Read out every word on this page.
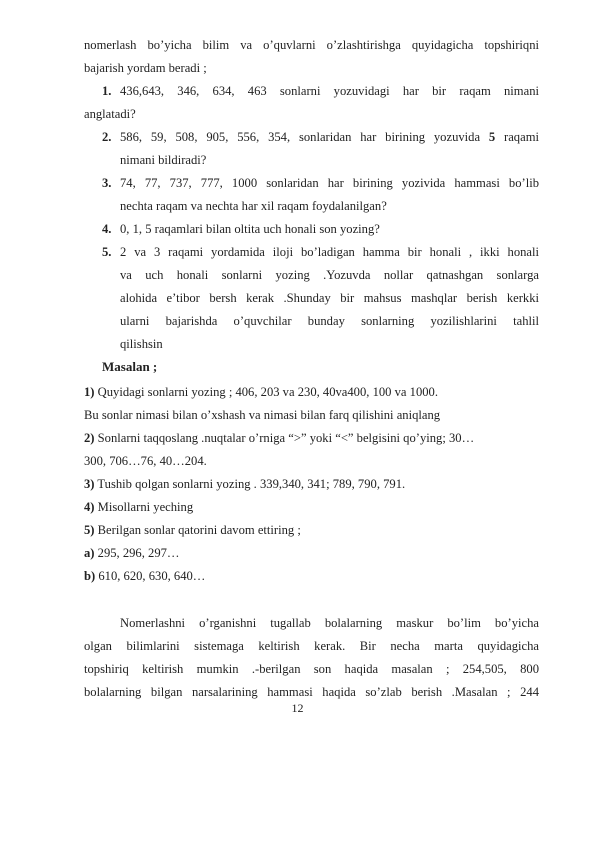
nomerlash bo’yicha bilim va o’quvlarni o’zlashtirishga quyidagicha topshiriqni
bajarish yordam beradi ;
1. 436,643, 346, 634, 463 sonlarni yozuvidagi har bir raqam nimani
anglatadi?
2. 586, 59, 508, 905, 556, 354, sonlaridan har birining yozuvida 5 raqami
nimani bildiradi?
3. 74, 77, 737, 777, 1000 sonlaridan har birining yozivida hammasi bo’lib
nechta raqam va nechta har xil raqam foydalanilgan?
4. 0, 1, 5 raqamlari bilan oltita uch honali son yozing?
5. 2 va 3 raqami yordamida iloji bo’ladigan hamma bir honali , ikki honali
va uch honali sonlarni yozing .Yozuvda nollar qatnashgan sonlarga
alohida e’tibor bersh kerak .Shunday bir mahsus mashqlar berish kerkki
ularni bajarishda o’quvchilar bunday sonlarning yozilishlarini tahlil
qilishsin
Masalan ;
1) Quyidagi sonlarni yozing ; 406, 203 va 230, 40va400, 100 va 1000.
Bu sonlar nimasi bilan o’xshash va nimasi bilan farq qilishini aniqlang
2) Sonlarni taqqoslang .nuqtalar o’rniga “>” yoki “<” belgisini qo’ying; 30…
300, 706…76, 40…204.
3) Tushib qolgan sonlarni yozing . 339,340, 341; 789, 790, 791.
4) Misollarni yeching
5) Berilgan sonlar qatorini davom ettiring ;
a) 295, 296, 297…
b) 610, 620, 630, 640…
Nomerlashni o’rganishni tugallab bolalarning maskur bo’lim bo’yicha
olgan bilimlarini sistemaga keltirish kerak. Bir necha marta quyidagicha
topshiriq keltirish mumkin .-berilgan son haqida masalan ; 254,505, 800
bolalarning bilgan narsalarining hammasi haqida so’zlab berish .Masalan ; 244
12
